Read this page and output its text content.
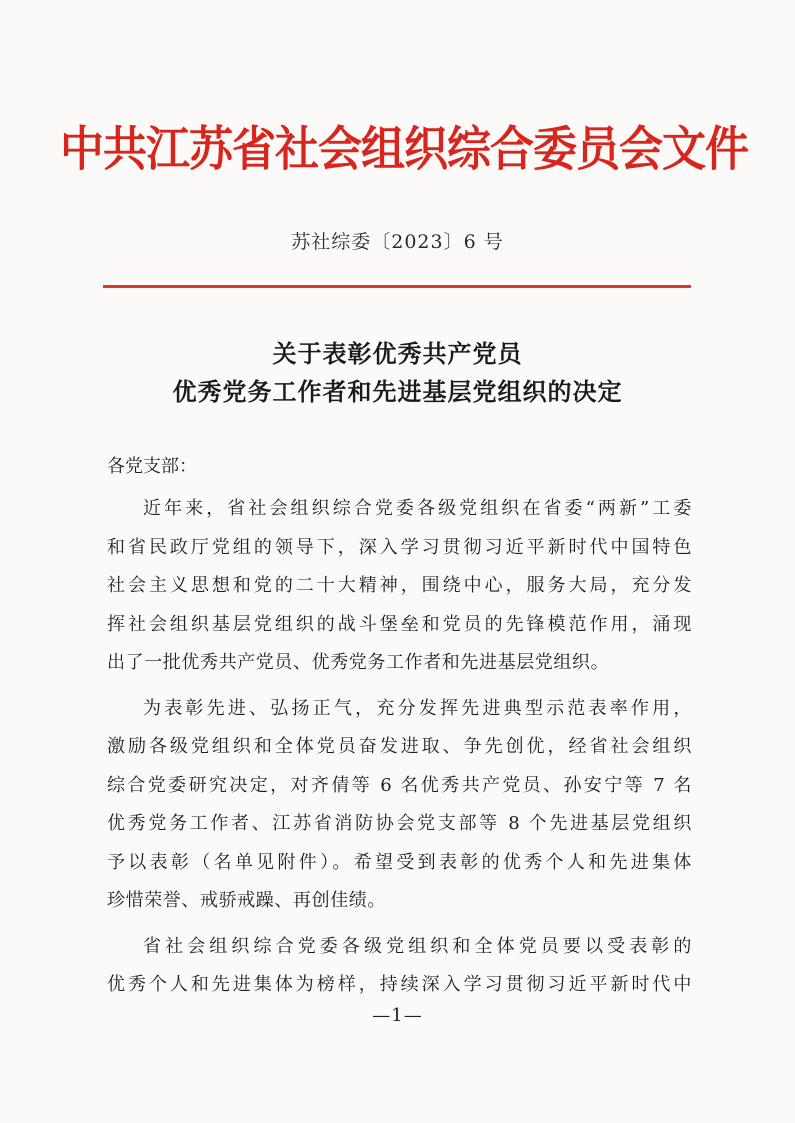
中共江苏省社会组织综合委员会文件
苏社综委〔2023〕6 号
关于表彰优秀共产党员
优秀党务工作者和先进基层党组织的决定
各党支部：
近年来，省社会组织综合党委各级党组织在省委“两新”工委
和省民政厅党组的领导下，深入学习贯彻习近平新时代中国特色
社会主义思想和党的二十大精神，围绕中心，服务大局，充分发
挥社会组织基层党组织的战斗堡垒和党员的先锋模范作用，涌现
出了一批优秀共产党员、优秀党务工作者和先进基层党组织。
为表彰先进、弘扬正气，充分发挥先进典型示范表率作用，
激励各级党组织和全体党员奋发进取、争先创优，经省社会组织
综合党委研究决定，对齐倩等 6 名优秀共产党员、孙安宁等 7 名
优秀党务工作者、江苏省消防协会党支部等 8 个先进基层党组织
予以表彰（名单见附件）。希望受到表彰的优秀个人和先进集体
珍惜荣誉、戒骄戒躁、再创佳绩。
省社会组织综合党委各级党组织和全体党员要以受表彰的
优秀个人和先进集体为榜样，持续深入学习贯彻习近平新时代中
—1—
